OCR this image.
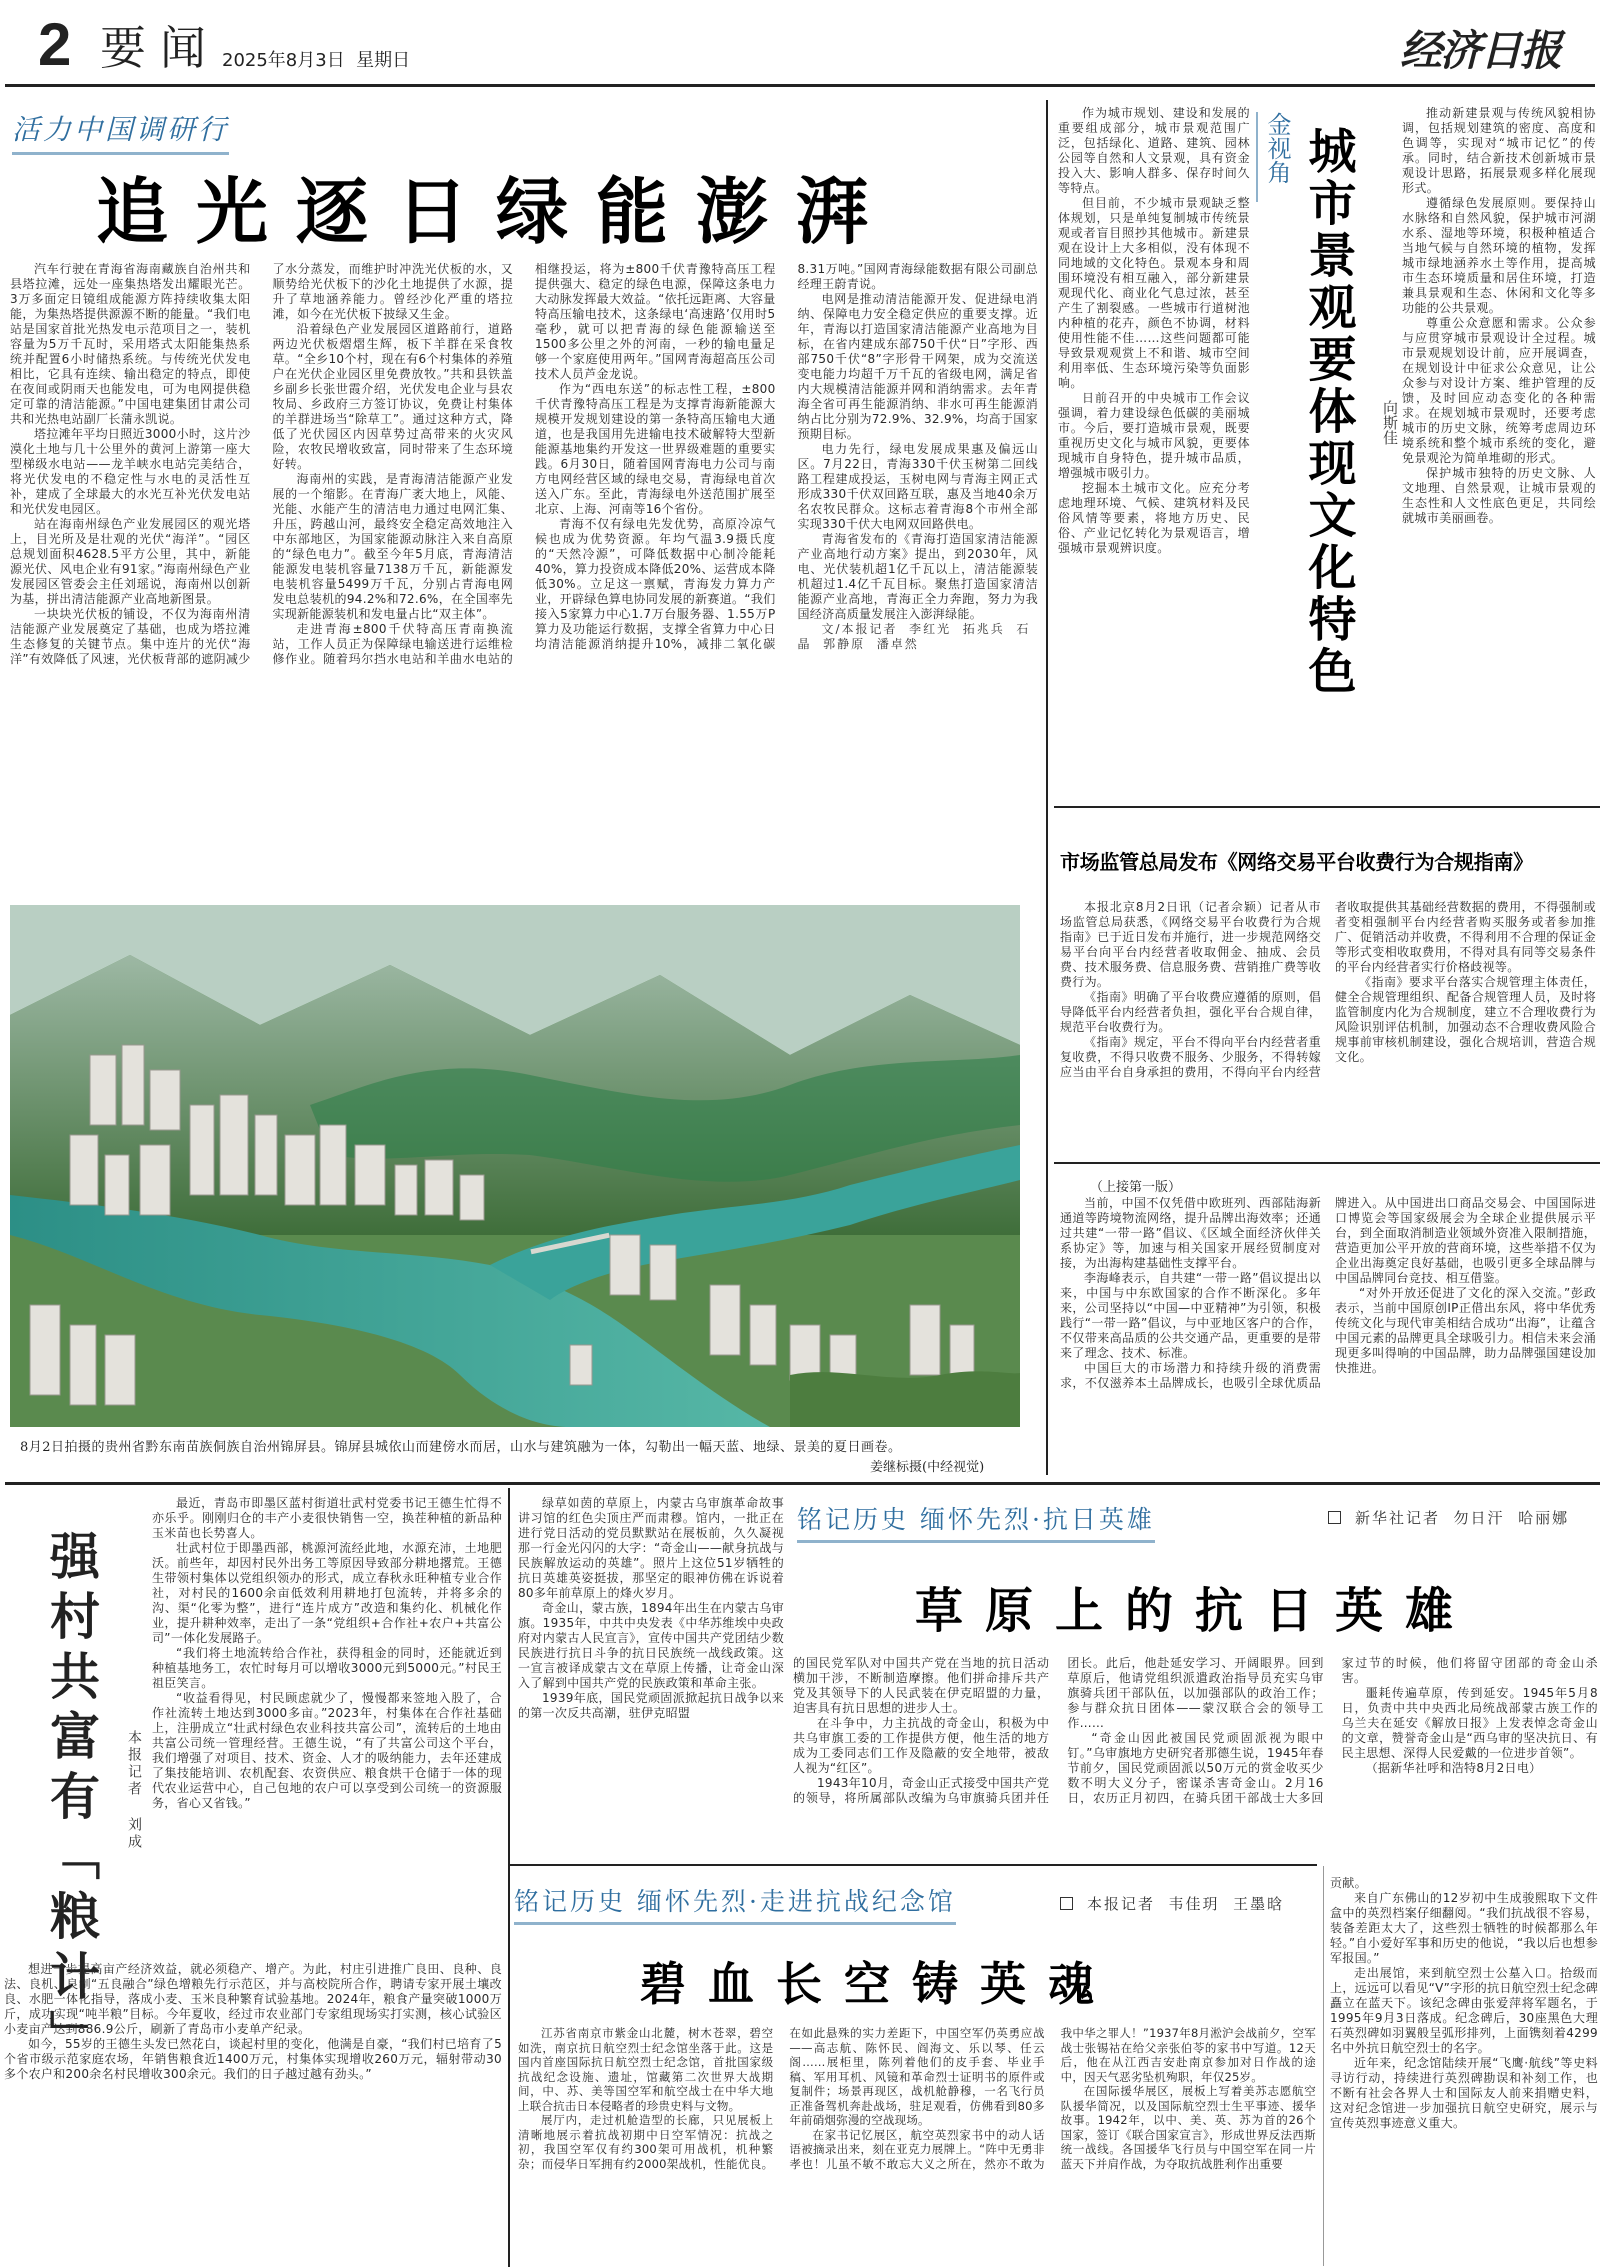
2 要闻 2025年8月3日  星期日	经济日报
活力中国调研行
追光逐日绿能澎湃

汽车行驶在青海省海南藏族自治州共和县塔拉滩，远处一座集热塔发出耀眼光芒。3万多面定日镜组成能源方阵持续收集太阳能，为集热塔提供源源不断的能量。“我们电站是国家首批光热发电示范项目之一，装机容量为5万千瓦时，采用塔式太阳能集热系统并配置6小时储热系统。与传统光伏发电相比，它具有连续、输出稳定的特点，即使在夜间或阴雨天也能发电，可为电网提供稳定可靠的清洁能源。”中国电建集团甘肃公司共和光热电站副厂长蒲永凯说。

塔拉滩年平均日照近3000小时，这片沙漠化土地与几十公里外的黄河上游第一座大型梯级水电站——龙羊峡水电站完美结合，将光伏发电的不稳定性与水电的灵活性互补，建成了全球最大的水光互补光伏发电站和光伏发电园区。

站在海南州绿色产业发展园区的观光塔上，目光所及是壮观的光伏“海洋”。“园区总规划面积4628.5平方公里，其中，新能源光伏、风电企业有91家。”海南州绿色产业发展园区管委会主任刘瑶说，海南州以创新为基，拼出清洁能源产业高地新图景。

一块块光伏板的铺设，不仅为海南州清洁能源产业发展奠定了基础，也成为塔拉滩生态修复的关键节点。集中连片的光伏“海洋”有效降低了风速，光伏板背部的遮阴减少了水分蒸发，而维护时冲洗光伏板的水，又顺势给光伏板下的沙化土地提供了水源，提升了草地涵养能力。曾经沙化严重的塔拉滩，如今在光伏板下披绿又生金。

沿着绿色产业发展园区道路前行，道路两边光伏板熠熠生辉，板下羊群在采食牧草。“全乡10个村，现在有6个村集体的养殖户在光伏企业园区里免费放牧。”共和县铁盖乡副乡长张世霞介绍，光伏发电企业与县农牧局、乡政府三方签订协议，免费让村集体的羊群进场当“除草工”。通过这种方式，降低了光伏园区内因草势过高带来的火灾风险，农牧民增收致富，同时带来了生态环境好转。

海南州的实践，是青海清洁能源产业发展的一个缩影。在青海广袤大地上，风能、光能、水能产生的清洁电力通过电网汇集、升压，跨越山河，最终安全稳定高效地注入中东部地区，为国家能源动脉注入来自高原的“绿色电力”。截至今年5月底，青海清洁能源发电装机容量7138万千瓦，新能源发电装机容量5499万千瓦，分别占青海电网发电总装机的94.2%和72.6%，在全国率先实现新能源装机和发电量占比“双主体”。

走进青海±800千伏特高压青南换流站，工作人员正为保障绿电输送进行运维检修作业。随着玛尔挡水电站和羊曲水电站的相继投运，将为±800千伏青豫特高压工程提供强大、稳定的绿色电源，保障这条电力大动脉发挥最大效益。“依托远距离、大容量特高压输电技术，这条绿电‘高速路’仅用时5毫秒，就可以把青海的绿色能源输送至1500多公里之外的河南，一秒的输电量足够一个家庭使用两年。”国网青海超高压公司技术人员芦金龙说。

作为“西电东送”的标志性工程，±800千伏青豫特高压工程是为支撑青海新能源大规模开发规划建设的第一条特高压输电大通道，也是我国用先进输电技术破解特大型新能源基地集约开发这一世界级难题的重要实践。6月30日，随着国网青海电力公司与南方电网经营区域的绿电交易，青海绿电首次送入广东。至此，青海绿电外送范围扩展至北京、上海、河南等16个省份。

青海不仅有绿电先发优势，高原冷凉气候也成为优势资源。年均气温3.9摄氏度的“天然冷源”，可降低数据中心制冷能耗40%，算力投资成本降低20%、运营成本降低30%。立足这一禀赋，青海发力算力产业，开辟绿色算电协同发展的新赛道。“我们接入5家算力中心1.7万台服务器、1.55万P算力及功能运行数据，支撑全省算力中心日均清洁能源消纳提升10%，减排二氧化碳8.31万吨。”国网青海绿能数据有限公司副总经理王蔚青说。

电网是推动清洁能源开发、促进绿电消纳、保障电力安全稳定供应的重要支撑。近年，青海以打造国家清洁能源产业高地为目标，在省内建成东部750千伏“日”字形、西部750千伏“8”字形骨干网架，成为交流送变电能力均超千万千瓦的省级电网，满足省内大规模清洁能源并网和消纳需求。去年青海全省可再生能源消纳、非水可再生能源消纳占比分别为72.9%、32.9%，均高于国家预期目标。

电力先行，绿电发展成果惠及偏远山区。7月22日，青海330千伏玉树第二回线路工程建成投运，玉树电网与青海主网正式形成330千伏双回路互联，惠及当地40余万名农牧民群众。这标志着青海8个市州全部实现330千伏大电网双回路供电。

青海省发布的《青海打造国家清洁能源产业高地行动方案》提出，到2030年，风电、光伏装机超1亿千瓦以上，清洁能源装机超过1.4亿千瓦目标。聚焦打造国家清洁能源产业高地，青海正全力奔跑，努力为我国经济高质量发展注入澎湃绿能。

文/本报记者  李红光  拓兆兵  石晶  郭静原  潘卓然
8月2日拍摄的贵州省黔东南苗族侗族自治州锦屏县。锦屏县城依山而建傍水而居，山水与建筑融为一体，勾勒出一幅天蓝、地绿、景美的夏日画卷。
姜继标摄(中经视觉)

作为城市规划、建设和发展的重要组成部分，城市景观范围广泛，包括绿化、道路、建筑、园林公园等自然和人文景观，具有资金投入大、影响人群多、保存时间久等特点。

但目前，不少城市景观缺乏整体规划，只是单纯复制城市传统景观或者盲目照抄其他城市。新建景观在设计上大多相似，没有体现不同地域的文化特色。景观本身和周围环境没有相互融入，部分新建景观现代化、商业化气息过浓，甚至产生了割裂感。一些城市行道树池内种植的花卉，颜色不协调，材料使用性能不佳……这些问题都可能导致景观观赏上不和谐、城市空间利用率低、生态环境污染等负面影响。

日前召开的中央城市工作会议强调，着力建设绿色低碳的美丽城市。今后，要打造城市景观，既要重视历史文化与城市风貌，更要体现城市自身特色，提升城市品质，增强城市吸引力。

挖掘本土城市文化。应充分考虑地理环境、气候、建筑材料及民俗风情等要素，将地方历史、民俗、产业记忆转化为景观语言，增强城市景观辨识度。

金视角 城市景观要体现文化特色 向斯佳

推动新建景观与传统风貌相协调，包括规划建筑的密度、高度和色调等，实现对“城市记忆”的传承。同时，结合新技术创新城市景观设计思路，拓展景观多样化展现形式。

遵循绿色发展原则。要保持山水脉络和自然风貌，保护城市河湖水系、湿地等环境，积极种植适合当地气候与自然环境的植物，发挥城市绿地涵养水土等作用，提高城市生态环境质量和居住环境，打造兼具景观和生态、休闲和文化等多功能的公共景观。

尊重公众意愿和需求。公众参与应贯穿城市景观设计全过程。城市景观规划设计前，应开展调查，在规划设计中征求公众意见，让公众参与对设计方案、维护管理的反馈，及时回应动态变化的各种需求。在规划城市景观时，还要考虑城市的历史文脉，统筹考虑周边环境系统和整个城市系统的变化，避免景观沦为简单堆砌的形式。

保护城市独特的历史文脉、人文地理、自然景观，让城市景观的生态性和人文性底色更足，共同绘就城市美丽画卷。

市场监管总局发布《网络交易平台收费行为合规指南》

本报北京8月2日讯（记者佘颖）记者从市场监管总局获悉，《网络交易平台收费行为合规指南》已于近日发布并施行，进一步规范网络交易平台向平台内经营者收取佣金、抽成、会员费、技术服务费、信息服务费、营销推广费等收费行为。

《指南》明确了平台收费应遵循的原则，倡导降低平台内经营者负担，强化平台合规自律，规范平台收费行为。

《指南》规定，平台不得向平台内经营者重复收费，不得只收费不服务、少服务，不得转嫁应当由平台自身承担的费用，不得向平台内经营者收取提供其基础经营数据的费用，不得强制或者变相强制平台内经营者购买服务或者参加推广、促销活动并收费，不得利用不合理的保证金等形式变相收取费用，不得对具有同等交易条件的平台内经营者实行价格歧视等。

《指南》要求平台落实合规管理主体责任，健全合规管理组织、配备合规管理人员，及时将监管制度内化为合规制度，建立不合理收费行为风险识别评估机制，加强动态不合理收费风险合规事前审核机制建设，强化合规培训，营造合规文化。

（上接第一版）

当前，中国不仅凭借中欧班列、西部陆海新通道等跨境物流网络，提升品牌出海效率；还通过共建“一带一路”倡议、《区域全面经济伙伴关系协定》等，加速与相关国家开展经贸制度对接，为出海构建基础性支撑平台。

李海峰表示，自共建“一带一路”倡议提出以来，中国与中东欧国家的合作不断深化。多年来，公司坚持以“中国—中亚精神”为引领，积极践行“一带一路”倡议，与中亚地区客户的合作，不仅带来高品质的公共交通产品，更重要的是带来了理念、技术、标准。

中国巨大的市场潜力和持续升级的消费需求，不仅滋养本土品牌成长，也吸引全球优质品牌进入。从中国进出口商品交易会、中国国际进口博览会等国家级展会为全球企业提供展示平台，到全面取消制造业领域外资准入限制措施，营造更加公平开放的营商环境，这些举措不仅为企业出海奠定良好基础，也吸引更多全球品牌与中国品牌同台竞技、相互借鉴。

“对外开放还促进了文化的深入交流。”彭政表示，当前中国原创IP正借出东风，将中华优秀传统文化与现代审美相结合成功“出海”，让蕴含中国元素的品牌更具全球吸引力。相信未来会涌现更多叫得响的中国品牌，助力品牌强国建设加快推进。

强村共富有「粮计」	本报记者 刘成

最近，青岛市即墨区蓝村街道壮武村党委书记王德生忙得不亦乐乎。刚刚归仓的丰产小麦很快销售一空，换茬种植的新品种玉米苗也长势喜人。

壮武村位于即墨西部，桃源河流经此地，水源充沛，土地肥沃。前些年，却因村民外出务工等原因导致部分耕地撂荒。王德生带领村集体以党组织领办的形式，成立春秋永旺种植专业合作社，对村民的1600余亩低效利用耕地打包流转，并将多余的沟、渠“化零为整”，进行“连片成方”改造和集约化、机械化作业，提升耕种效率，走出了一条“党组织+合作社+农户+共富公司”一体化发展路子。

“我们将土地流转给合作社，获得租金的同时，还能就近到种植基地务工，农忙时每月可以增收3000元到5000元。”村民王祖臣笑言。

“收益看得见，村民顾虑就少了，慢慢都来签地入股了，合作社流转土地达到3000多亩。”2023年，村集体在合作社基础上，注册成立“壮武村绿色农业科技共富公司”，流转后的土地由共富公司统一管理经营。王德生说，“有了共富公司这个平台，我们增强了对项目、技术、资金、人才的吸纳能力，去年还建成了集技能培训、农机配套、农资供应、粮食烘干仓储于一体的现代农业运营中心，自己包地的农户可以享受到公司统一的资源服务，省心又省钱。”

想进一步提高亩产经济效益，就必须稳产、增产。为此，村庄引进推广良田、良种、良法、良机、良制“五良融合”绿色增粮先行示范区，并与高校院所合作，聘请专家开展土壤改良、水肥一体化指导，落成小麦、玉米良种繁育试验基地。2024年，粮食产量突破1000万斤，成功实现“吨半粮”目标。今年夏收，经过市农业部门专家组现场实打实测，核心试验区小麦亩产达到886.9公斤，刷新了青岛市小麦单产纪录。

如今，55岁的王德生头发已然花白，谈起村里的变化，他满是自豪，“我们村已培育了5个省市级示范家庭农场，年销售粮食近1400万元，村集体实现增收260万元，辐射带动30多个农户和200余名村民增收300余元。我们的日子越过越有劲头。”

绿草如茵的草原上，内蒙古乌审旗革命故事讲习馆的红色尖顶庄严而肃穆。馆内，一批正在进行党日活动的党员默默站在展板前，久久凝视那一行金光闪闪的大字：“奇金山——献身抗战与民族解放运动的英雄”。照片上这位51岁牺牲的抗日英雄英姿挺拔，那坚定的眼神仿佛在诉说着80多年前草原上的烽火岁月。

奇金山，蒙古族，1894年出生在内蒙古乌审旗。1935年，中共中央发表《中华苏维埃中央政府对内蒙古人民宣言》，宣传中国共产党团结少数民族进行抗日斗争的抗日民族统一战线政策。这一宣言被译成蒙古文在草原上传播，让奇金山深入了解到中国共产党的民族政策和革命主张。

1939年底，国民党顽固派掀起抗日战争以来的第一次反共高潮，驻伊克昭盟

铭记历史 缅怀先烈·抗日英雄	新华社记者  勿日汗  哈丽娜
草原上的抗日英雄

的国民党军队对中国共产党在当地的抗日活动横加干涉，不断制造摩擦。他们拼命排斥共产党及其领导下的人民武装在伊克昭盟的力量，迫害具有抗日思想的进步人士。

在斗争中，力主抗战的奇金山，积极为中共乌审旗工委的工作提供方便，他生活的地方成为工委同志们工作及隐蔽的安全地带，被敌人视为“红区”。

1943年10月，奇金山正式接受中国共产党的领导，将所属部队改编为乌审旗骑兵团并任团长。此后，他赴延安学习、开阔眼界。回到草原后，他请党组织派遣政治指导员充实乌审旗骑兵团干部队伍，以加强部队的政治工作；参与群众抗日团体——蒙汉联合会的领导工作……

“奇金山因此被国民党顽固派视为眼中钉。”乌审旗地方史研究者那德生说，1945年春节前夕，国民党顽固派以50万元的赏金收买少数不明大义分子，密谋杀害奇金山。2月16日，农历正月初四，在骑兵团干部战士大多回家过节的时候，他们将留守团部的奇金山杀害。

噩耗传遍草原，传到延安。1945年5月8日，负责中共中央西北局统战部蒙古族工作的乌兰夫在延安《解放日报》上发表悼念奇金山的文章，赞誉奇金山是“西乌审的坚决抗日、有民主思想、深得人民爱戴的一位进步首领”。

（据新华社呼和浩特8月2日电）

铭记历史 缅怀先烈·走进抗战纪念馆	本报记者  韦佳玥  王墨晗
碧血长空铸英魂

江苏省南京市紫金山北麓，树木苍翠，碧空如洗，南京抗日航空烈士纪念馆坐落于此。这是国内首座国际抗日航空烈士纪念馆，首批国家级抗战纪念设施、遗址，馆藏第二次世界大战期间，中、苏、美等国空军和航空战士在中华大地上联合抗击日本侵略者的珍贵史料与文物。

展厅内，走过机舱造型的长廊，只见展板上清晰地展示着抗战初期中日空军情况：抗战之初，我国空军仅有约300架可用战机，机种繁杂；而侵华日军拥有约2000架战机，性能优良。在如此悬殊的实力差距下，中国空军仍英勇应战——高志航、陈怀民、阎海文、乐以琴、任云阁……展柜里，陈列着他们的皮手套、毕业手稿、军用耳机、风镜和革命烈士证明书的原件或复制件；场景再现区，战机舱静穆，一名飞行员正准备驾机奔赴战场，驻足观看，仿佛看到80多年前硝烟弥漫的空战现场。

在家书记忆展区，航空英烈家书中的动人话语被摘录出来，刻在亚克力展牌上。“阵中无勇非孝也！儿虽不敏不敢忘大义之所在，然亦不敢为我中华之罪人！”1937年8月淞沪会战前夕，空军战士张锡祜在给父亲张伯苓的家书中写道。12天后，他在从江西吉安赴南京参加对日作战的途中，因天气恶劣坠机殉职，年仅25岁。

在国际援华展区，展板上写着美苏志愿航空队援华简况，以及国际航空烈士生平事迹、援华故事。1942年，以中、美、英、苏为首的26个国家，签订《联合国家宣言》，形成世界反法西斯统一战线。各国援华飞行员与中国空军在同一片蓝天下并肩作战，为夺取抗战胜利作出重要

贡献。

来自广东佛山的12岁初中生成骏熙取下文件盒中的英烈档案仔细翻阅。“我们抗战很不容易，装备差距太大了，这些烈士牺牲的时候都那么年轻。”自小爱好军事和历史的他说，“我以后也想参军报国。”

走出展馆，来到航空烈士公墓入口。拾级而上，远远可以看见“V”字形的抗日航空烈士纪念碑矗立在蓝天下。该纪念碑由张爱萍将军题名，于1995年9月3日落成。纪念碑后，30座黑色大理石英烈碑如羽翼般呈弧形排列，上面镌刻着4299名中外抗日航空烈士的名字。

近年来，纪念馆陆续开展“飞鹰·航线”等史料寻访行动，持续进行英烈碑勘误和补刻工作，也不断有社会各界人士和国际友人前来捐赠史料，这对纪念馆进一步加强抗日航空史研究，展示与宣传英烈事迹意义重大。
